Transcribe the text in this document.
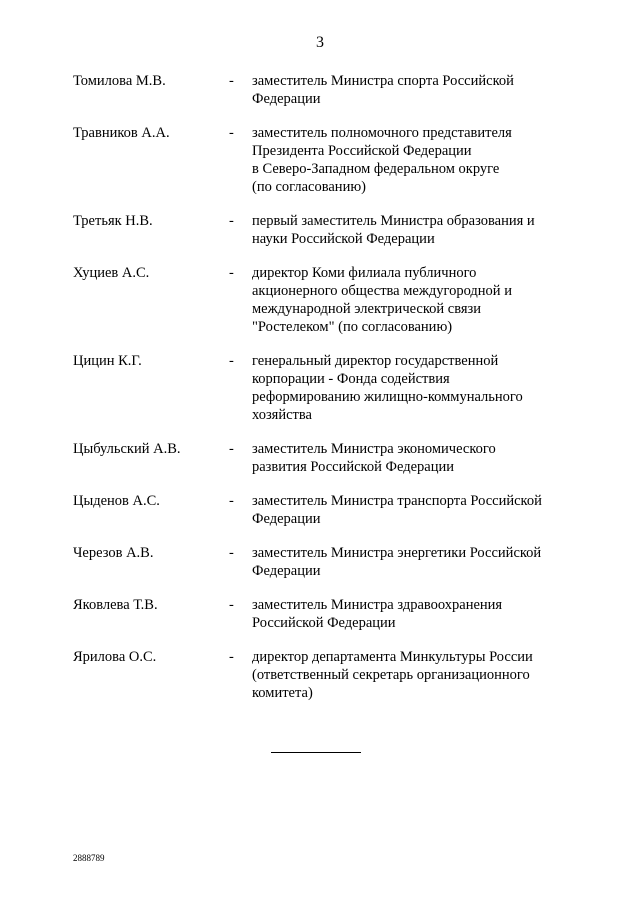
3
Томилова М.В.	- заместитель Министра спорта Российской
Федерации
Травников А.А.	- заместитель полномочного представителя
Президента Российской Федерации
в Северо-Западном федеральном округе
(по согласованию)
Третьяк Н.В.	- первый заместитель Министра образования и
науки Российской Федерации
Хуциев А.С.	- директор Коми филиала публичного
акционерного общества междугородной и
международной электрической связи
"Ростелеком" (по согласованию)
Цицин К.Г.	- генеральный директор государственной
корпорации - Фонда содействия
реформированию жилищно-коммунального
хозяйства
Цыбульский А.В.	- заместитель Министра экономического
развития Российской Федерации
Цыденов А.С.	- заместитель Министра транспорта Российской
Федерации
Черезов А.В.	- заместитель Министра энергетики Российской
Федерации
Яковлева Т.В.	- заместитель Министра здравоохранения
Российской Федерации
Ярилова О.С.	- директор департамента Минкультуры России
(ответственный секретарь организационного
комитета)
2888789
